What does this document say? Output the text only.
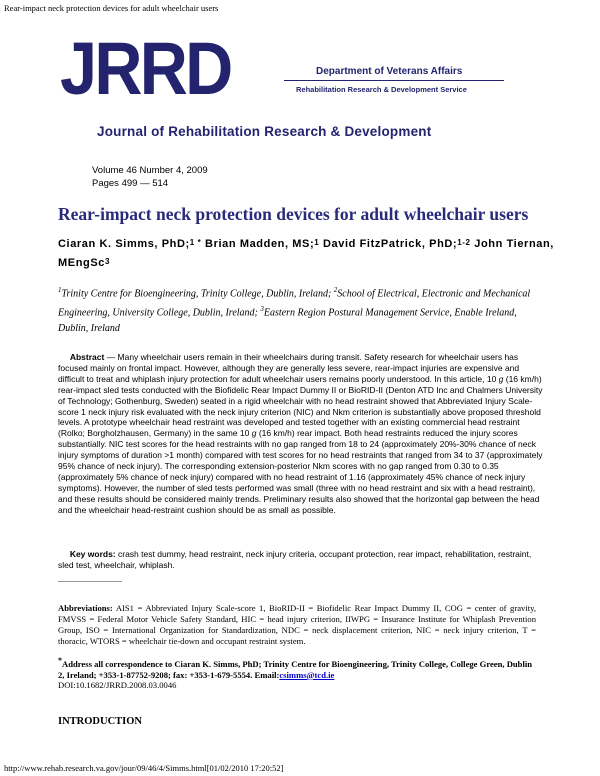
Rear-impact neck protection devices for adult wheelchair users
JRRD	Department of Veterans Affairs
Rehabilitation Research & Development Service
Journal of Rehabilitation Research & Development
Volume 46 Number 4, 2009
Pages 499 — 514
Rear-impact neck protection devices for adult wheelchair users
Ciaran K. Simms, PhD;$^{1 *}$ Brian Madden, MS;$^1$ David FitzPatrick, PhD;$^{1-2}$ John Tiernan, MEngSc$^3$
$^1$Trinity Centre for Bioengineering, Trinity College, Dublin, Ireland; $^2$School of Electrical, Electronic and Mechanical Engineering, University College, Dublin, Ireland; $^3$Eastern Region Postural Management Service, Enable Ireland, Dublin, Ireland
Abstract — Many wheelchair users remain in their wheelchairs during transit. Safety research for wheelchair users has focused mainly on frontal impact. However, although they are generally less severe, rear-impact injuries are expensive and difficult to treat and whiplash injury protection for adult wheelchair users remains poorly understood. In this article, 10 g (16 km/h) rear-impact sled tests conducted with the Biofidelic Rear Impact Dummy II or BioRID-II (Denton ATD Inc and Chalmers University of Technology; Gothenburg, Sweden) seated in a rigid wheelchair with no head restraint showed that Abbreviated Injury Scale-score 1 neck injury risk evaluated with the neck injury criterion (NIC) and Nkm criterion is substantially above proposed threshold levels. A prototype wheelchair head restraint was developed and tested together with an existing commercial head restraint (Rolko; Borgholzhausen, Germany) in the same 10 g (16 km/h) rear impact. Both head restraints reduced the injury scores substantially. NIC test scores for the head restraints with no gap ranged from 18 to 24 (approximately 20%-30% chance of neck injury symptoms of duration >1 month) compared with test scores for no head restraints that ranged from 34 to 37 (approximately 95% chance of neck injury). The corresponding extension-posterior Nkm scores with no gap ranged from 0.30 to 0.35 (approximately 5% chance of neck injury) compared with no head restraint of 1.16 (approximately 45% chance of neck injury symptoms). However, the number of sled tests performed was small (three with no head restraint and six with a head restraint), and these results should be considered mainly trends. Preliminary results also showed that the horizontal gap between the head and the wheelchair head-restraint cushion should be as small as possible.
Key words: crash test dummy, head restraint, neck injury criteria, occupant protection, rear impact, rehabilitation, restraint, sled test, wheelchair, whiplash.
Abbreviations: AIS1 = Abbreviated Injury Scale-score 1, BioRID-II = Biofidelic Rear Impact Dummy II, COG = center of gravity, FMVSS = Federal Motor Vehicle Safety Standard, HIC = head injury criterion, IIWPG = Insurance Institute for Whiplash Prevention Group, ISO = International Organization for Standardization, NDC = neck displacement criterion, NIC = neck injury criterion, T = thoracic, WTORS = wheelchair tie-down and occupant restraint system.
*Address all correspondence to Ciaran K. Simms, PhD; Trinity Centre for Bioengineering, Trinity College, College Green, Dublin 2, Ireland; +353-1-87752-9208; fax: +353-1-679-5554. Email:csimms@tcd.ie
DOI:10.1682/JRRD.2008.03.0046
INTRODUCTION
http://www.rehab.research.va.gov/jour/09/46/4/Simms.html[01/02/2010 17:20:52]
